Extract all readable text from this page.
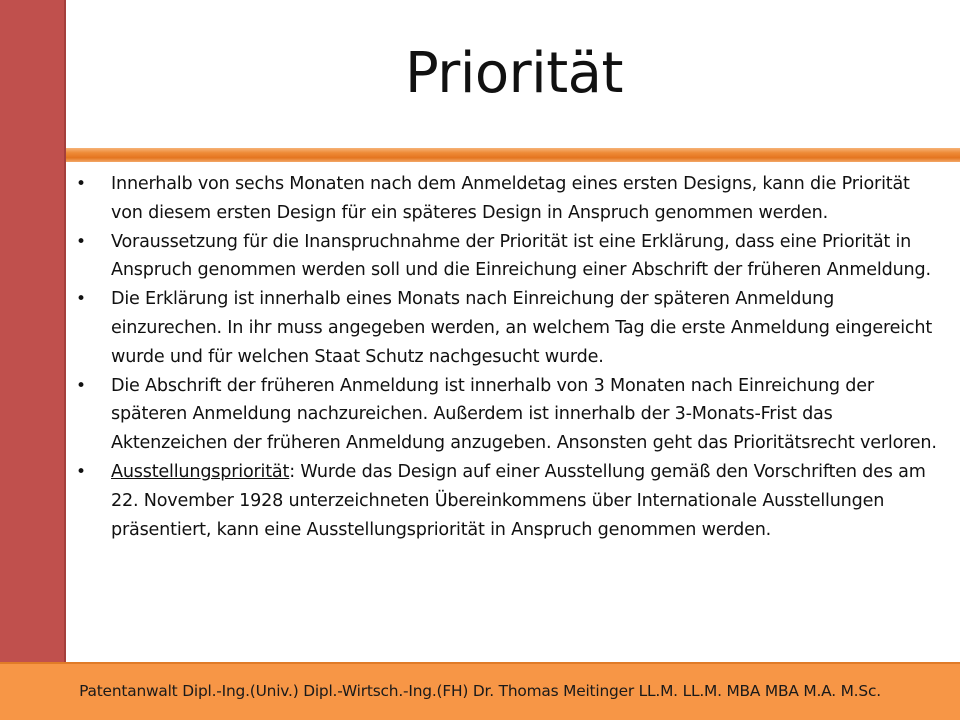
Priorität
•	Innerhalb von sechs Monaten nach dem Anmeldetag eines ersten Designs, kann die Priorität von diesem ersten Design für ein späteres Design in Anspruch genommen werden.
•	Voraussetzung für die Inanspruchnahme der Priorität ist eine Erklärung, dass eine Priorität in Anspruch genommen werden soll und die Einreichung einer Abschrift der früheren Anmeldung.
•	Die Erklärung ist innerhalb eines Monats nach Einreichung der späteren Anmeldung einzurechen. In ihr muss angegeben werden, an welchem Tag die erste Anmeldung eingereicht wurde und für welchen Staat Schutz nachgesucht wurde.
•	Die Abschrift der früheren Anmeldung ist innerhalb von 3 Monaten nach Einreichung der späteren Anmeldung nachzureichen. Außerdem ist innerhalb der 3-Monats-Frist das Aktenzeichen der früheren Anmeldung anzugeben. Ansonsten geht das Prioritätsrecht verloren.
•	Ausstellungspriorität: Wurde das Design auf einer Ausstellung gemäß den Vorschriften des am 22. November 1928 unterzeichneten Übereinkommens über Internationale Ausstellungen präsentiert, kann eine Ausstellungspriorität in Anspruch genommen werden.
Patentanwalt Dipl.-Ing.(Univ.) Dipl.-Wirtsch.-Ing.(FH) Dr. Thomas Meitinger LL.M. LL.M. MBA MBA M.A. M.Sc.
